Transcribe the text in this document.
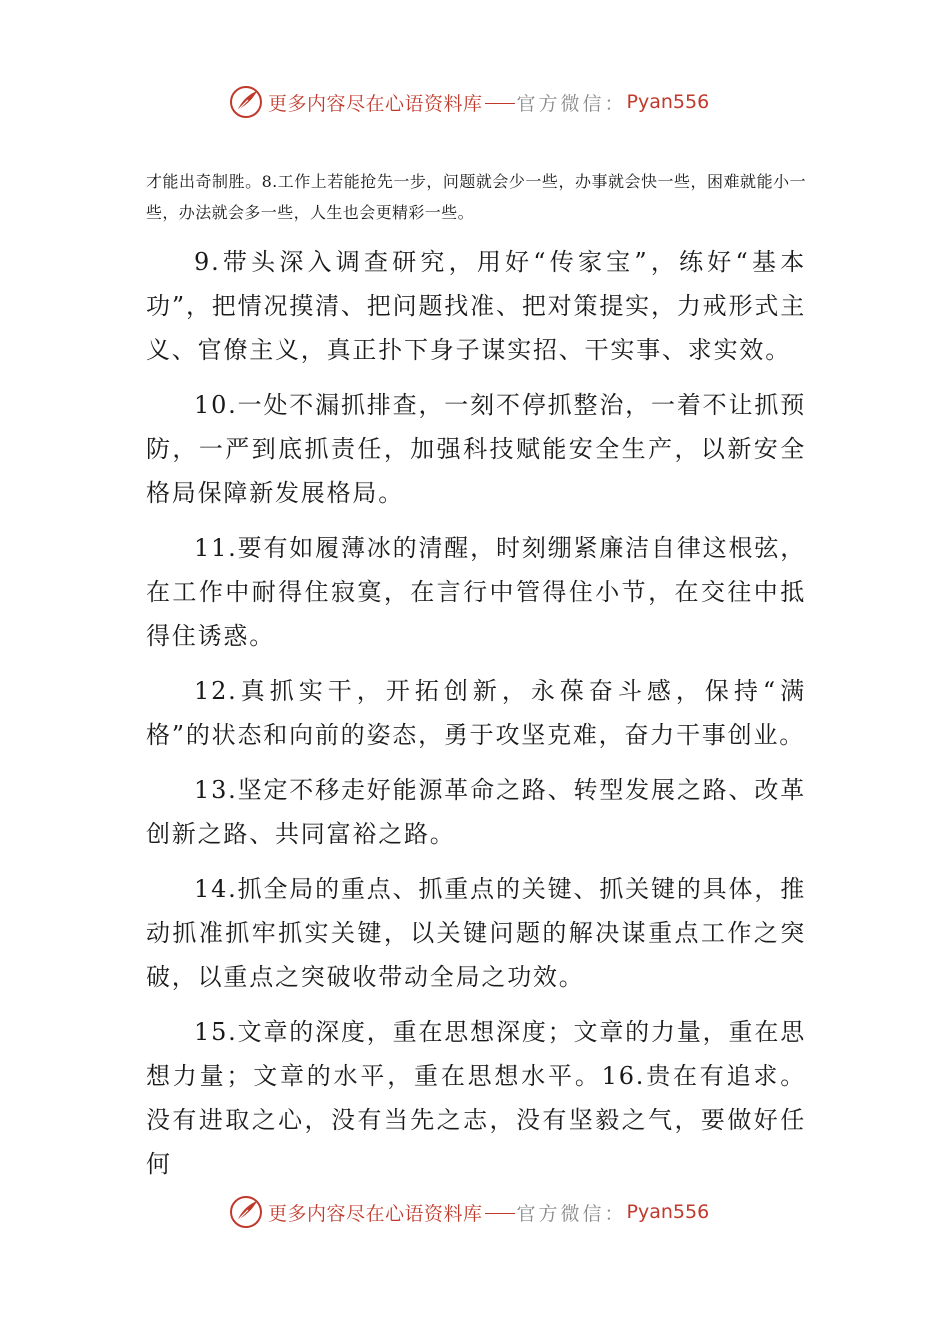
更多内容尽在心语资料库 官方微信： Pyan556
才能出奇制胜。8.工作上若能抢先一步，问题就会少一些，办事就会快一些，困难就能小一些，办法就会多一些，人生也会更精彩一些。

9.带头深入调查研究，用好“传家宝”，练好“基本功”，把情况摸清、把问题找准、把对策提实，力戒形式主义、官僚主义，真正扑下身子谋实招、干实事、求实效。

10.一处不漏抓排查，一刻不停抓整治，一着不让抓预防，一严到底抓责任，加强科技赋能安全生产，以新安全格局保障新发展格局。

11.要有如履薄冰的清醒，时刻绷紧廉洁自律这根弦，在工作中耐得住寂寞，在言行中管得住小节，在交往中抵得住诱惑。

12.真抓实干，开拓创新，永葆奋斗感，保持“满格”的状态和向前的姿态，勇于攻坚克难，奋力干事创业。

13.坚定不移走好能源革命之路、转型发展之路、改革创新之路、共同富裕之路。

14.抓全局的重点、抓重点的关键、抓关键的具体，推动抓准抓牢抓实关键，以关键问题的解决谋重点工作之突破，以重点之突破收带动全局之功效。

15.文章的深度，重在思想深度；文章的力量，重在思想力量；文章的水平，重在思想水平。16.贵在有追求。没有进取之心，没有当先之志，没有坚毅之气，要做好任何

更多内容尽在心语资料库 官方微信： Pyan556
